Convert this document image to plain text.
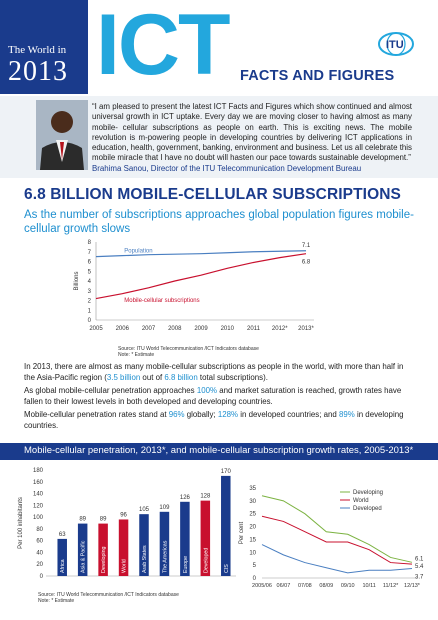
The World in
2013 ICT FACTS AND FIGURES
ITU
“I am pleased to present the latest ICT Facts and Figures which show continued and almost universal growth in ICT uptake. Every day we are moving closer to having almost as many mobile- cellular subscriptions as people on earth. This is exciting news. The mobile revolution is m-powering people in developing countries by delivering ICT applications in education, health, government, banking, environment and business. Let us all celebrate this mobile miracle that I have no doubt will hasten our pace towards sustainable development.”
Brahima Sanou, Director of the ITU Telecommunication Development Bureau
6.8 BILLION MOBILE-CELLULAR SUBSCRIPTIONS
As the number of subscriptions approaches global population figures mobile-cellular growth slows
0
1
2
3
4
5
6
7
8
2005 2006 2007 2008 2009 2010 2011 2012* 2013*
Billions
Population
7.1
Mobile-cellular subscriptions
6.8
Source: ITU World Telecommunication /ICT Indicators database
Note: * Estimate
In 2013, there are almost as many mobile-cellular subscriptions as people in the world, with more than half in the Asia-Pacific region (3.5 billion out of 6.8 billion total subscriptions).
As global mobile-cellular penetration approaches 100% and market saturation is reached, growth rates have fallen to their lowest levels in both developed and developing countries.
Mobile-cellular penetration rates stand at 96% globally; 128% in developed countries; and 89% in developing countries.
Mobile-cellular penetration, 2013*, and mobile-cellular subscription growth rates, 2005-2013*
0
20
40
60
80
100
120
140
160
180
Per 100 inhabitants	63
Africa
89
Asia & Pacific
89
Developing
96
World
105
Arab States
109
The Americas
126
Europe
128
Developed
170
CIS
0
5
10
15
20
25
30
35
2005/06 06/07 07/08 08/09 09/10 10/11 11/12* 12/13*
Per cent
Developing
6.1
World
5.4
Developed
3.7
Source: ITU World Telecommunication /ICT Indicators database
Note: * Estimate
